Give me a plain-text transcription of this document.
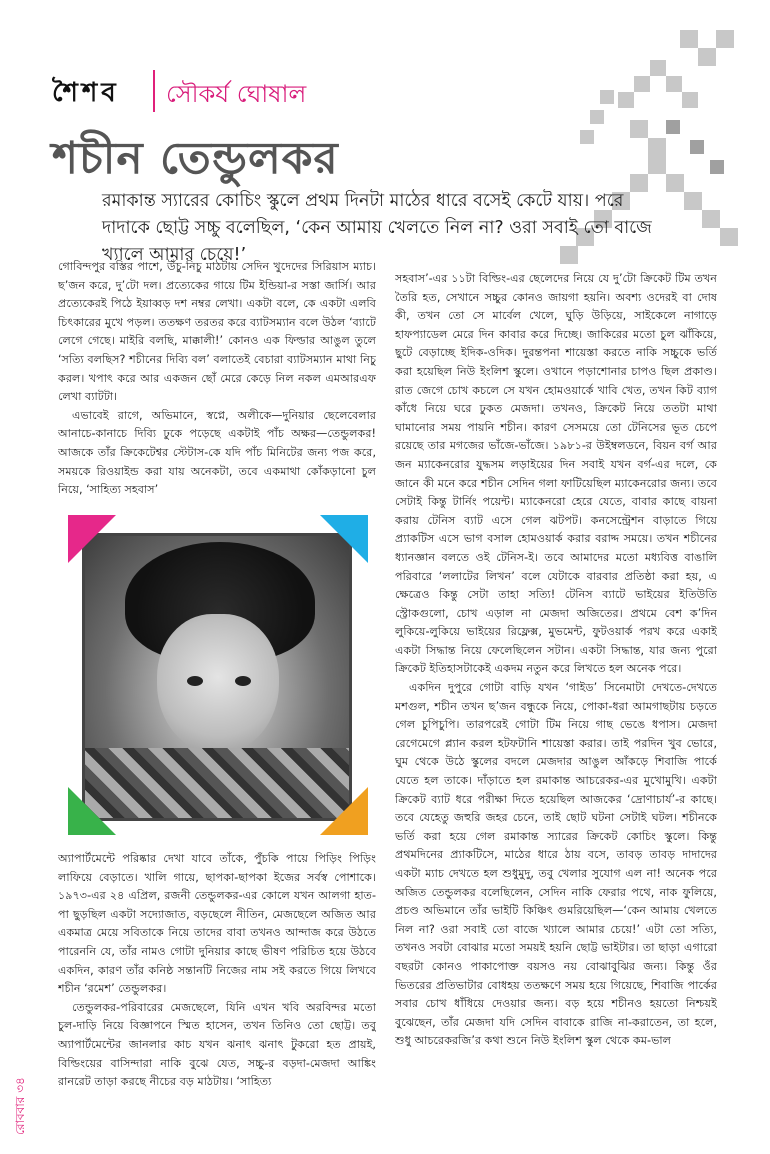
শৈশব সৌকর্য ঘোষাল
শচীন তেন্ডুলকর
রমাকান্ত স্যারের কোচিং স্কুলে প্রথম দিনটা মাঠের ধারে বসেই কেটে যায়। পরে দাদাকে ছোট্ট সচ্চু বলেছিল, ‘কেন আমায় খেলতে নিল না? ওরা সবাই তো বাজে খ্যালে আমার চেয়ে!’

গোবিন্দপুর বস্তির পাশে, উঁচু-নিচু মাঠটায় সেদিন খুদেদের সিরিয়াস ম্যাচ। ছ’জন করে, দু’টো দল। প্রত্যেকের গায়ে টিম ইন্ডিয়া-র সস্তা জার্সি। আর প্রত্যেকেরই পিঠে ইয়াব্বড় দশ নম্বর লেখা। একটা বলে, কে একটা এলবি চিৎকারের মুখে পড়ল। ততক্ষণ তরতর করে ব্যাটসম্যান বলে উঠল ‘ব্যাটে লেগে গেছে। মাইরি বলছি, মাক্কালী!’ কোনও এক ফিল্ডার আঙুল তুলে ‘সত্যি বলছিস? শচীনের দিব্যি বল’ বলাতেই বেচারা ব্যাটসম্যান মাথা নিচু করল। খপাৎ করে আর একজন ছোঁ মেরে কেড়ে নিল নকল এমআরএফ লেখা ব্যাটটা।

এভাবেই রাগে, অভিমানে, স্বপ্নে, অলীকে—দুনিয়ার ছেলেবেলার আনাচে-কানাচে দিব্যি ঢুকে পড়েছে একটাই পাঁচ অক্ষর—তেন্ডুলকর! আজকে তাঁর ক্রিকেটেশ্বর স্টেটাস-কে যদি পাঁচ মিনিটের জন্য পজ করে, সময়কে রিওয়াইন্ড করা যায় অনেকটা, তবে একমাথা কোঁকড়ানো চুল নিয়ে, ‘সাহিত্য সহবাস’

অ্যাপার্টমেন্টে পরিষ্কার দেখা যাবে তাঁকে, পুঁচকি পায়ে পিড়িং পিড়িং লাফিয়ে বেড়াতে। খালি গায়ে, ছাপকা-ছাপকা ইজের সর্বস্ব পোশাকে। ১৯৭৩-এর ২৪ এপ্রিল, রজনী তেন্ডুলকর-এর কোলে যখন আলগা হাত-পা ছুড়ছিল একটা সদ্যোজাত, বড়ছেলে নীতিন, মেজছেলে অজিত আর একমাত্র মেয়ে সবিতাকে নিয়ে তাদের বাবা তখনও আন্দাজ করে উঠতে পারেননি যে, তাঁর নামও গোটা দুনিয়ার কাছে ভীষণ পরিচিত হয়ে উঠবে একদিন, কারণ তাঁর কনিষ্ঠ সন্তানটি নিজের নাম সই করতে গিয়ে লিখবে শচীন ‘রমেশ’ তেন্ডুলকর।

তেন্ডুলকর-পরিবারের মেজছেলে, যিনি এখন খবি অরবিন্দর মতো চুল-দাড়ি নিয়ে বিজ্ঞাপনে স্মিত হাসেন, তখন তিনিও তো ছোট্ট। তবু অ্যাপার্টমেন্টের জানলার কাচ যখন ঝনাৎ ঝনাৎ টুকরো হত প্রায়ই, বিল্ডিংয়ের বাসিন্দারা নাকি বুঝে যেত, সচ্চু-র বড়দা-মেজদা আঙ্কিং রানরেট তাড়া করছে নীচের বড় মাঠটায়। ‘সাহিত্য

সহবাস’-এর ১১টা বিল্ডিং-এর ছেলেদের নিয়ে যে দু’টো ক্রিকেট টিম তখন তৈরি হত, সেখানে সচ্চুর কোনও জায়গা হয়নি। অবশ্য ওদেরই বা দোষ কী, তখন তো সে মার্বেল খেলে, ঘুড়ি উড়িয়ে, সাইকেলে নাগাড়ে হাফপ্যাডেল মেরে দিন কাবার করে দিচ্ছে। জাকিরের মতো চুল ঝাঁকিয়ে, ছুটে বেড়াচ্ছে ইদিক-ওদিক। দুরন্তপনা শায়েস্তা করতে নাকি সচ্চুকে ভর্তি করা হয়েছিল নিউ ইংলিশ স্কুলে। ওখানে পড়াশোনার চাপও ছিল প্রকাণ্ড। রাত জেগে চোখ কচলে সে যখন হোমওয়ার্কে খাবি খেত, তখন কিট ব্যাগ কাঁধে নিয়ে ঘরে ঢুকত মেজদা। তখনও, ক্রিকেট নিয়ে ততটা মাথা ঘামানোর সময় পায়নি শচীন। কারণ সেসময়ে তো টেনিসের ভূত চেপে রয়েছে তার মগজের ভাঁজে-ভাঁজে। ১৯৮১-র উইম্বলডনে, বিয়ন বর্গ আর জন ম্যাকেনরোর যুদ্ধসম লড়াইয়ের দিন সবাই যখন বর্গ-এর দলে, কে জানে কী মনে করে শচীন সেদিন গলা ফাটিয়েছিল ম্যাকেনরোর জন্য। তবে সেটাই কিন্তু টার্নিং পয়েন্ট। ম্যাকেনরো হেরে যেতে, বাবার কাছে বায়না করায় টেনিস ব্যাট এসে গেল ঝটপট। কনসেন্ট্রেশন বাড়াতে গিয়ে প্র্যাকটিস এসে ভাগ বসাল হোমওয়ার্ক করার বরাদ্দ সময়ে। তখন শচীনের ধ্যানজ্ঞান বলতে ওই টেনিস-ই। তবে আমাদের মতো মধ্যবিত্ত বাঙালি পরিবারে ‘ললাটের লিখন’ বলে যেটাকে বারবার প্রতিষ্ঠা করা হয়, এ ক্ষেত্রেও কিন্তু সেটা তাহা সত্যি! টেনিস ব্যাটে ভাইয়ের ইতিউতি স্ট্রোকগুলো, চোখ এড়াল না মেজদা অজিতের। প্রথমে বেশ ক’দিন লুকিয়ে-লুকিয়ে ভাইয়ের রিফ্লেক্স, মুভমেন্ট, ফুটওয়ার্ক পরখ করে একাই একটা সিদ্ধান্ত নিয়ে ফেলেছিলেন সটান। একটা সিদ্ধান্ত, যার জন্য পুরো ক্রিকেট ইতিহাসটাকেই একদম নতুন করে লিখতে হল অনেক পরে।

একদিন দুপুরে গোটা বাড়ি যখন ‘গাইড’ সিনেমাটা দেখতে-দেখতে মশগুল, শচীন তখন ছ’জন বন্ধুকে নিয়ে, পোকা-ধরা আমগাছটায় চড়তে গেল চুপিচুপি। তারপরেই গোটা টিম নিয়ে গাছ ভেঙে ধপাস। মেজদা রেগেমেগে প্ল্যান করল হটফটানি শায়েস্তা করার। তাই পরদিন খুব ভোরে, ঘুম থেকে উঠে স্কুলের বদলে মেজদার আঙুল আঁকড়ে শিবাজি পার্কে যেতে হল তাকে। দাঁড়াতে হল রমাকান্ত আচরেকর-এর মুখোমুখি। একটা ক্রিকেট ব্যাট ধরে পরীক্ষা দিতে হয়েছিল আজকের ‘দ্রোণাচার্য’-র কাছে। তবে যেহেতু জহুরি জহর চেনে, তাই ছোট ঘটনা সেটাই ঘটল। শচীনকে ভর্তি করা হয়ে গেল রমাকান্ত স্যারের ক্রিকেট কোচিং স্কুলে। কিন্তু প্রথমদিনের প্র্যাকটিসে, মাঠের ধারে ঠায় বসে, তাবড় তাবড় দাদাদের একটা ম্যাচ দেখতে হল শুধুমুদু, তবু খেলার সুযোগ এল না! অনেক পরে অজিত তেন্ডুলকর বলেছিলেন, সেদিন নাকি ফেরার পথে, নাক ফুলিয়ে, প্রচণ্ড অভিমানে তাঁর ভাইটি কিঞ্চিৎ গুমরিয়েছিল—‘কেন আমায় খেলতে নিল না? ওরা সবাই তো বাজে খ্যালে আমার চেয়ে!’ এটা তো সত্যি, তখনও সবটা বোঝার মতো সময়ই হয়নি ছোট্ট ভাইটার। তা ছাড়া এগারো বছরটা কোনও পাকাপোক্ত বয়সও নয় বোঝাবুঝির জন্য। কিন্তু ওঁর ভিতরের প্রতিভাটার বোধহয় ততক্ষণে সময় হয়ে গিয়েছে, শিবাজি পার্কের সবার চোখ ধাঁধিয়ে দেওয়ার জন্য। বড় হয়ে শচীনও হয়তো নিশ্চয়ই বুঝেছেন, তাঁর মেজদা যদি সেদিন বাবাকে রাজি না-করাতেন, তা হলে, শুধু আচরেকরজি’র কথা শুনে নিউ ইংলিশ স্কুল থেকে কম-ভাল

রোববার ৩৪
